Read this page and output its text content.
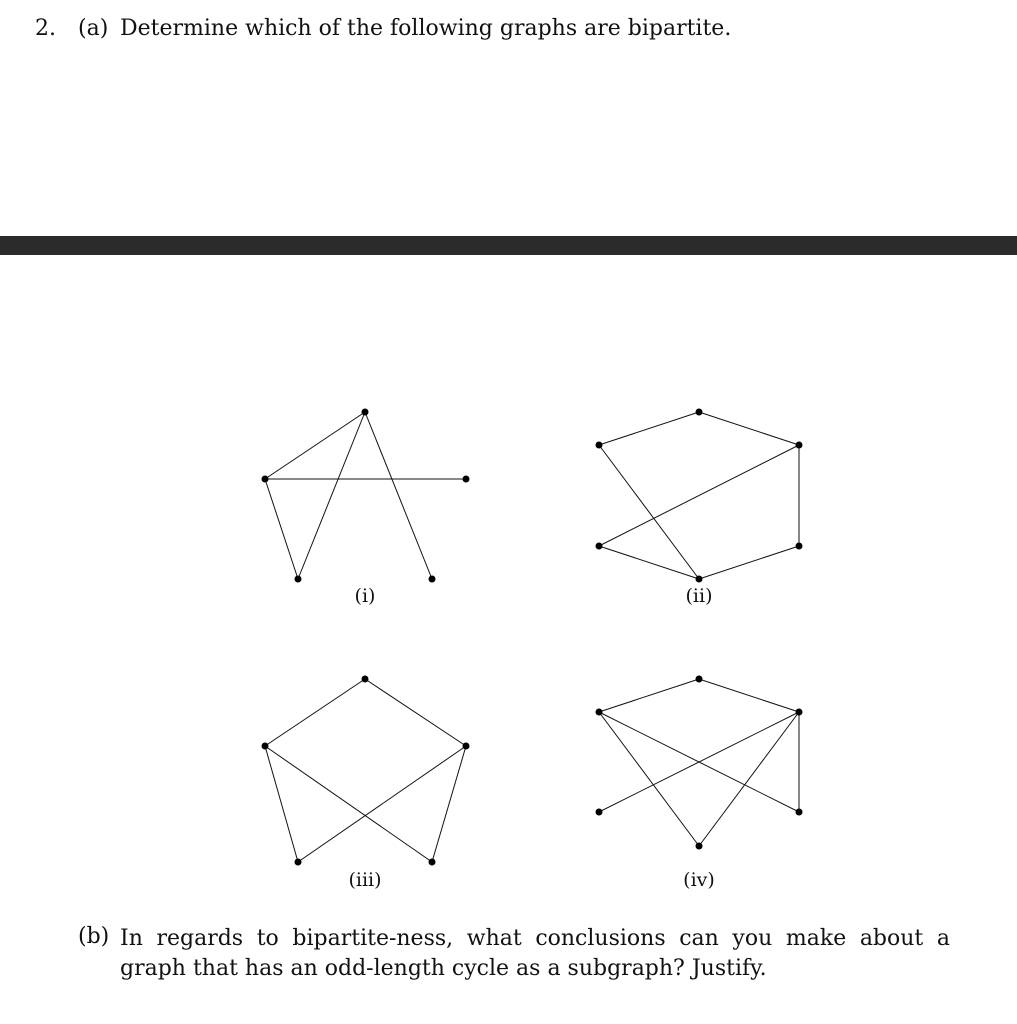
2. (a) Determine which of the following graphs are bipartite.
(i)	(ii)
(iii)	(iv)
(b) In regards to bipartite-ness, what conclusions can you make about a graph that has an odd-length cycle as a subgraph? Justify.
